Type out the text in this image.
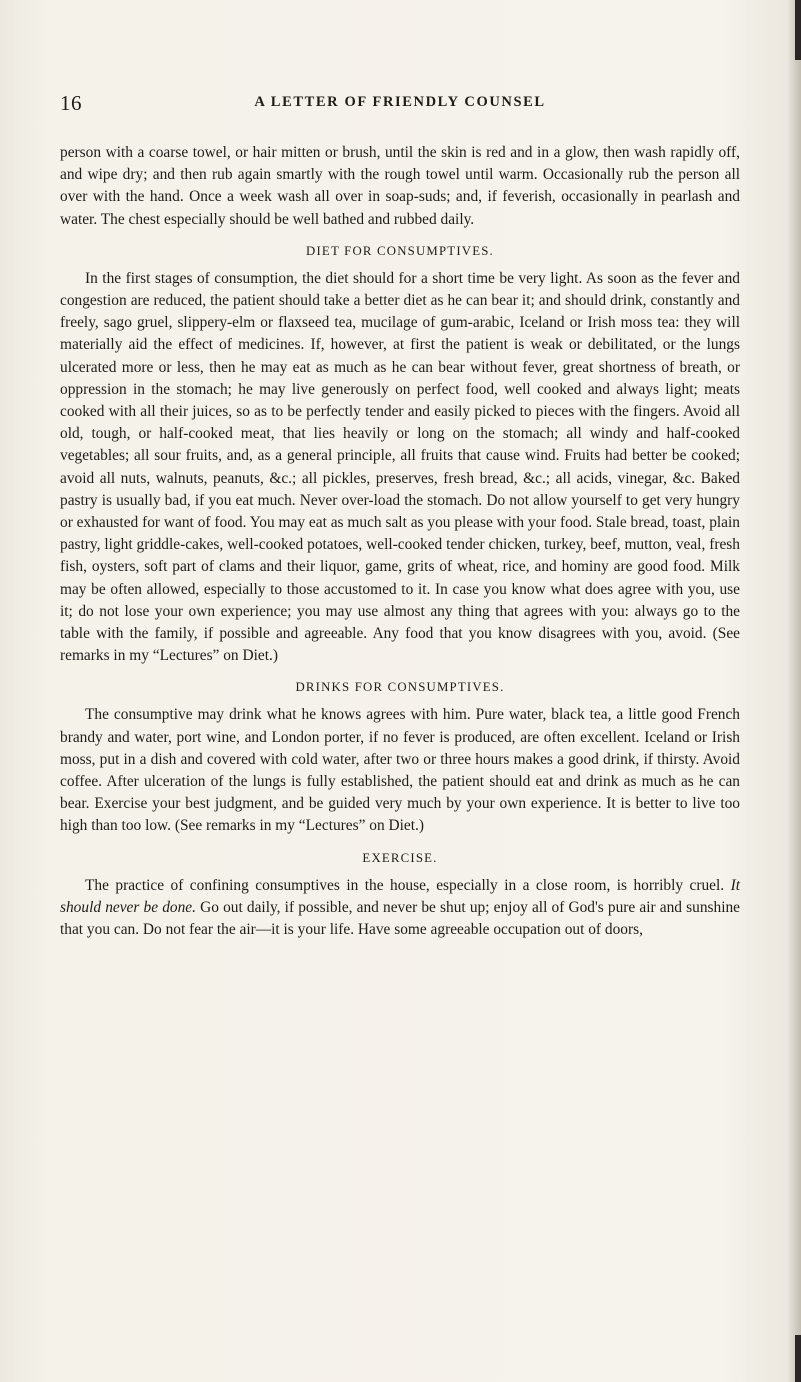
16	A LETTER OF FRIENDLY COUNSEL

person with a coarse towel, or hair mitten or brush, until the skin is red and in a glow, then wash rapidly off, and wipe dry; and then rub again smartly with the rough towel until warm. Occasionally rub the person all over with the hand. Once a week wash all over in soap-suds; and, if feverish, occasionally in pearlash and water. The chest especially should be well bathed and rubbed daily.

DIET FOR CONSUMPTIVES.

In the first stages of consumption, the diet should for a short time be very light. As soon as the fever and congestion are reduced, the patient should take a better diet as he can bear it; and should drink, constantly and freely, sago gruel, slippery-elm or flaxseed tea, mucilage of gum-arabic, Iceland or Irish moss tea: they will materially aid the effect of medicines. If, however, at first the patient is weak or debilitated, or the lungs ulcerated more or less, then he may eat as much as he can bear without fever, great shortness of breath, or oppression in the stomach; he may live generously on perfect food, well cooked and always light; meats cooked with all their juices, so as to be perfectly tender and easily picked to pieces with the fingers. Avoid all old, tough, or half-cooked meat, that lies heavily or long on the stomach; all windy and half-cooked vegetables; all sour fruits, and, as a general principle, all fruits that cause wind. Fruits had better be cooked; avoid all nuts, walnuts, peanuts, &c.; all pickles, preserves, fresh bread, &c.; all acids, vinegar, &c. Baked pastry is usually bad, if you eat much. Never over-load the stomach. Do not allow yourself to get very hungry or exhausted for want of food. You may eat as much salt as you please with your food. Stale bread, toast, plain pastry, light griddle-cakes, well-cooked potatoes, well-cooked tender chicken, turkey, beef, mutton, veal, fresh fish, oysters, soft part of clams and their liquor, game, grits of wheat, rice, and hominy are good food. Milk may be often allowed, especially to those accustomed to it. In case you know what does agree with you, use it; do not lose your own experience; you may use almost any thing that agrees with you: always go to the table with the family, if possible and agreeable. Any food that you know disagrees with you, avoid. (See remarks in my “Lectures” on Diet.)

DRINKS FOR CONSUMPTIVES.

The consumptive may drink what he knows agrees with him. Pure water, black tea, a little good French brandy and water, port wine, and London porter, if no fever is produced, are often excellent. Iceland or Irish moss, put in a dish and covered with cold water, after two or three hours makes a good drink, if thirsty. Avoid coffee. After ulceration of the lungs is fully established, the patient should eat and drink as much as he can bear. Exercise your best judgment, and be guided very much by your own experience. It is better to live too high than too low. (See remarks in my “Lectures” on Diet.)

EXERCISE.

The practice of confining consumptives in the house, especially in a close room, is horribly cruel. It should never be done. Go out daily, if possible, and never be shut up; enjoy all of God's pure air and sunshine that you can. Do not fear the air—it is your life. Have some agreeable occupation out of doors,
